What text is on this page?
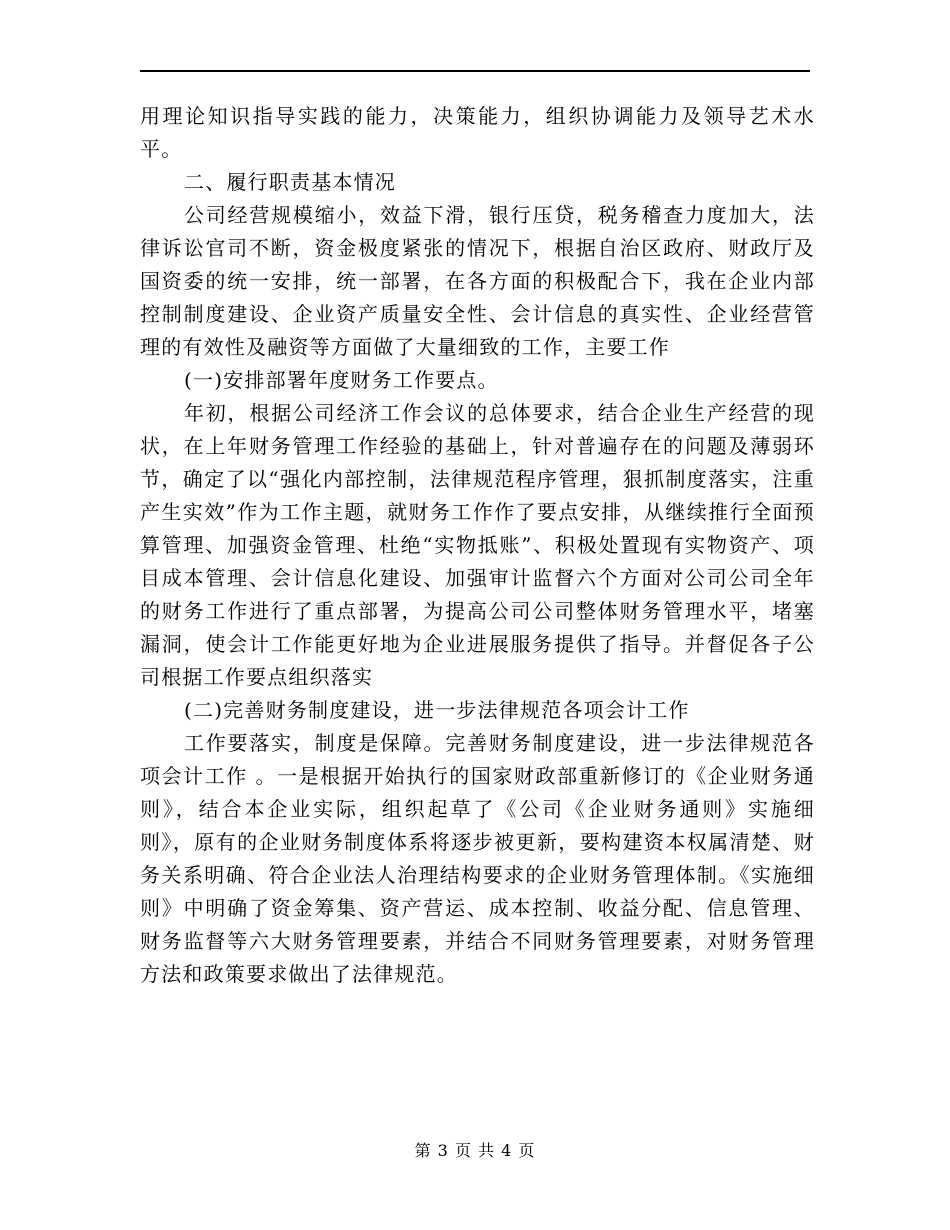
用理论知识指导实践的能力，决策能力，组织协调能力及领导艺术水平。

二、履行职责基本情况

公司经营规模缩小，效益下滑，银行压贷，税务稽查力度加大，法律诉讼官司不断，资金极度紧张的情况下，根据自治区政府、财政厅及国资委的统一安排，统一部署，在各方面的积极配合下，我在企业内部控制制度建设、企业资产质量安全性、会计信息的真实性、企业经营管理的有效性及融资等方面做了大量细致的工作，主要工作

(一)安排部署年度财务工作要点。

年初，根据公司经济工作会议的总体要求，结合企业生产经营的现状，在上年财务管理工作经验的基础上，针对普遍存在的问题及薄弱环节，确定了以“强化内部控制，法律规范程序管理，狠抓制度落实，注重产生实效”作为工作主题，就财务工作作了要点安排，从继续推行全面预算管理、加强资金管理、杜绝“实物抵账”、积极处置现有实物资产、项目成本管理、会计信息化建设、加强审计监督六个方面对公司公司全年的财务工作进行了重点部署，为提高公司公司整体财务管理水平，堵塞漏洞，使会计工作能更好地为企业进展服务提供了指导。并督促各子公司根据工作要点组织落实

(二)完善财务制度建设，进一步法律规范各项会计工作

工作要落实，制度是保障。完善财务制度建设，进一步法律规范各项会计工作 。一是根据开始执行的国家财政部重新修订的《企业财务通则》，结合本企业实际，组织起草了《公司《企业财务通则》实施细则》，原有的企业财务制度体系将逐步被更新，要构建资本权属清楚、财务关系明确、符合企业法人治理结构要求的企业财务管理体制。《实施细则》中明确了资金筹集、资产营运、成本控制、收益分配、信息管理、财务监督等六大财务管理要素，并结合不同财务管理要素，对财务管理方法和政策要求做出了法律规范。

第 3 页 共 4 页
